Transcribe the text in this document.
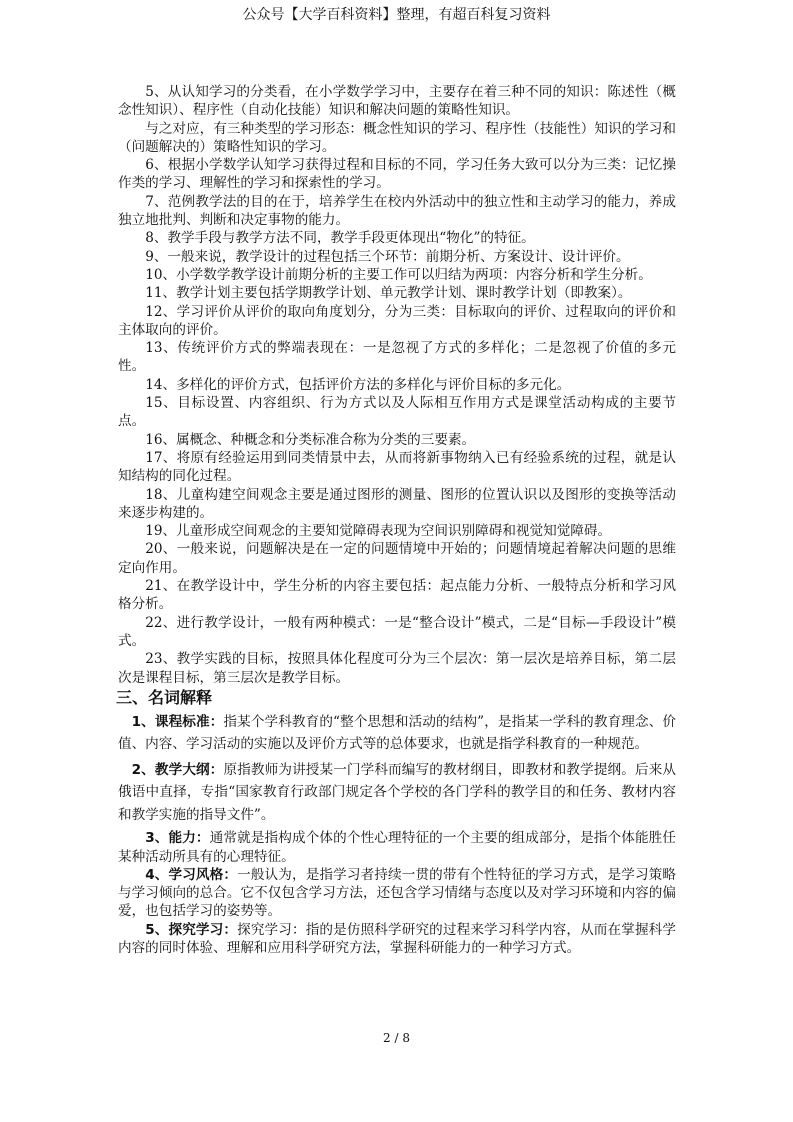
公众号【大学百科资料】整理，有超百科复习资料

5、从认知学习的分类看，在小学数学学习中，主要存在着三种不同的知识：陈述性（概念性知识）、程序性（自动化技能）知识和解决问题的策略性知识。

与之对应，有三种类型的学习形态：概念性知识的学习、程序性（技能性）知识的学习和（问题解决的）策略性知识的学习。

6、根据小学数学认知学习获得过程和目标的不同，学习任务大致可以分为三类：记忆操作类的学习、理解性的学习和探索性的学习。

7、范例教学法的目的在于，培养学生在校内外活动中的独立性和主动学习的能力，养成独立地批判、判断和决定事物的能力。

8、教学手段与教学方法不同，教学手段更体现出“物化”的特征。

9、一般来说，教学设计的过程包括三个环节：前期分析、方案设计、设计评价。

10、小学数学教学设计前期分析的主要工作可以归结为两项：内容分析和学生分析。

11、教学计划主要包括学期教学计划、单元教学计划、课时教学计划（即教案）。

12、学习评价从评价的取向角度划分，分为三类：目标取向的评价、过程取向的评价和主体取向的评价。

13、传统评价方式的弊端表现在：一是忽视了方式的多样化；二是忽视了价值的多元性。

14、多样化的评价方式，包括评价方法的多样化与评价目标的多元化。

15、目标设置、内容组织、行为方式以及人际相互作用方式是课堂活动构成的主要节点。

16、属概念、种概念和分类标准合称为分类的三要素。

17、将原有经验运用到同类情景中去，从而将新事物纳入已有经验系统的过程，就是认知结构的同化过程。

18、儿童构建空间观念主要是通过图形的测量、图形的位置认识以及图形的变换等活动来逐步构建的。

19、儿童形成空间观念的主要知觉障碍表现为空间识别障碍和视觉知觉障碍。

20、一般来说，问题解决是在一定的问题情境中开始的；问题情境起着解决问题的思维定向作用。

21、在教学设计中，学生分析的内容主要包括：起点能力分析、一般特点分析和学习风格分析。

22、进行教学设计，一般有两种模式：一是“整合设计”模式，二是“目标—手段设计”模式。

23、教学实践的目标，按照具体化程度可分为三个层次：第一层次是培养目标，第二层次是课程目标，第三层次是教学目标。

三、名词解释

1、课程标准：指某个学科教育的“整个思想和活动的结构”，是指某一学科的教育理念、价值、内容、学习活动的实施以及评价方式等的总体要求，也就是指学科教育的一种规范。

2、教学大纲：原指教师为讲授某一门学科而编写的教材纲目，即教材和教学提纲。后来从俄语中直择，专指“国家教育行政部门规定各个学校的各门学科的教学目的和任务、教材内容和教学实施的指导文件”。

3、能力：通常就是指构成个体的个性心理特征的一个主要的组成部分，是指个体能胜任某种活动所具有的心理特征。

4、学习风格：一般认为，是指学习者持续一贯的带有个性特征的学习方式，是学习策略与学习倾向的总合。它不仅包含学习方法，还包含学习情绪与态度以及对学习环境和内容的偏爱，也包括学习的姿势等。

5、探究学习：探究学习：指的是仿照科学研究的过程来学习科学内容，从而在掌握科学内容的同时体验、理解和应用科学研究方法，掌握科研能力的一种学习方式。

2 / 8
